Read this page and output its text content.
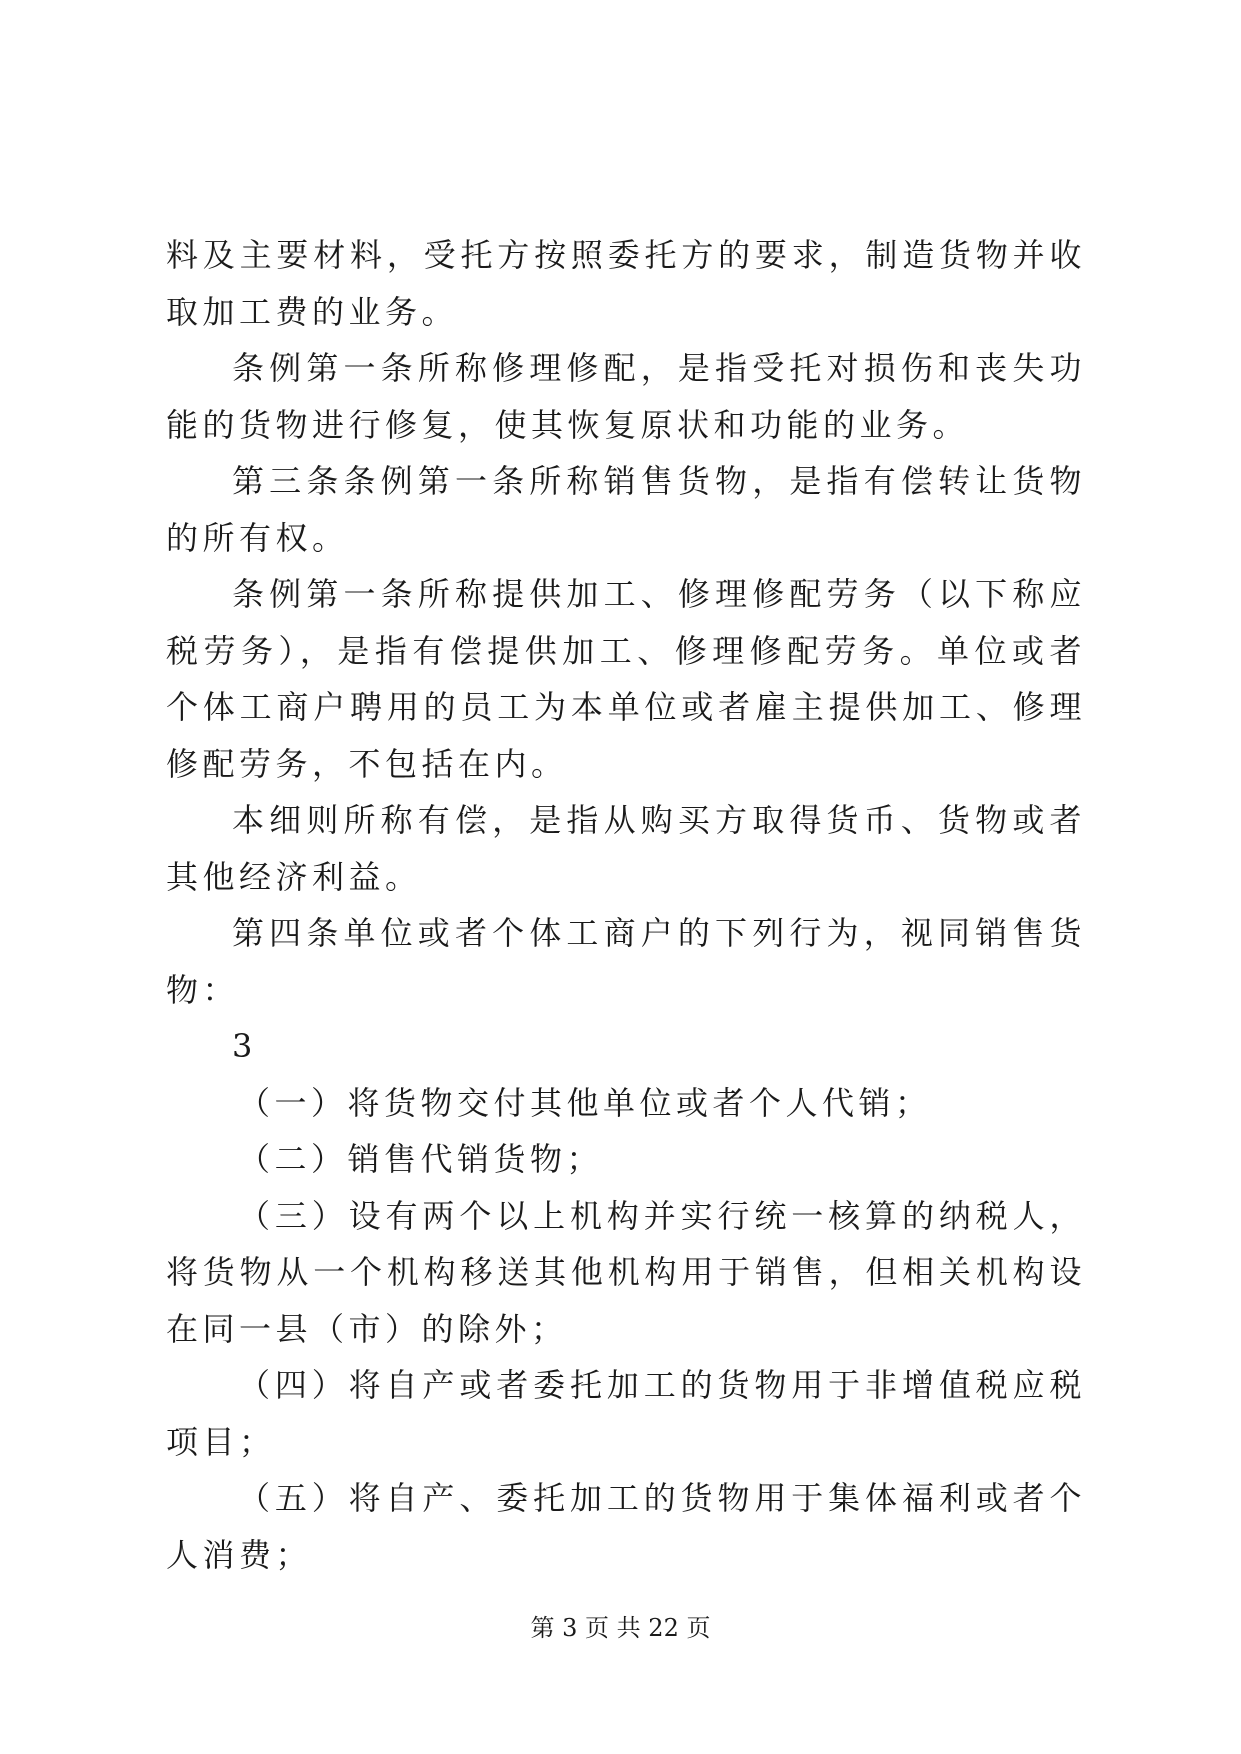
料及主要材料，受托方按照委托方的要求，制造货物并收取加工费的业务。

条例第一条所称修理修配，是指受托对损伤和丧失功能的货物进行修复，使其恢复原状和功能的业务。

第三条条例第一条所称销售货物，是指有偿转让货物的所有权。

条例第一条所称提供加工、修理修配劳务（以下称应税劳务），是指有偿提供加工、修理修配劳务。单位或者个体工商户聘用的员工为本单位或者雇主提供加工、修理修配劳务，不包括在内。

本细则所称有偿，是指从购买方取得货币、货物或者其他经济利益。

第四条单位或者个体工商户的下列行为，视同销售货物：

3

（一）将货物交付其他单位或者个人代销；

（二）销售代销货物；

（三）设有两个以上机构并实行统一核算的纳税人，将货物从一个机构移送其他机构用于销售，但相关机构设在同一县（市）的除外；

（四）将自产或者委托加工的货物用于非增值税应税项目；

（五）将自产、委托加工的货物用于集体福利或者个人消费；

第 3 页 共 22 页
